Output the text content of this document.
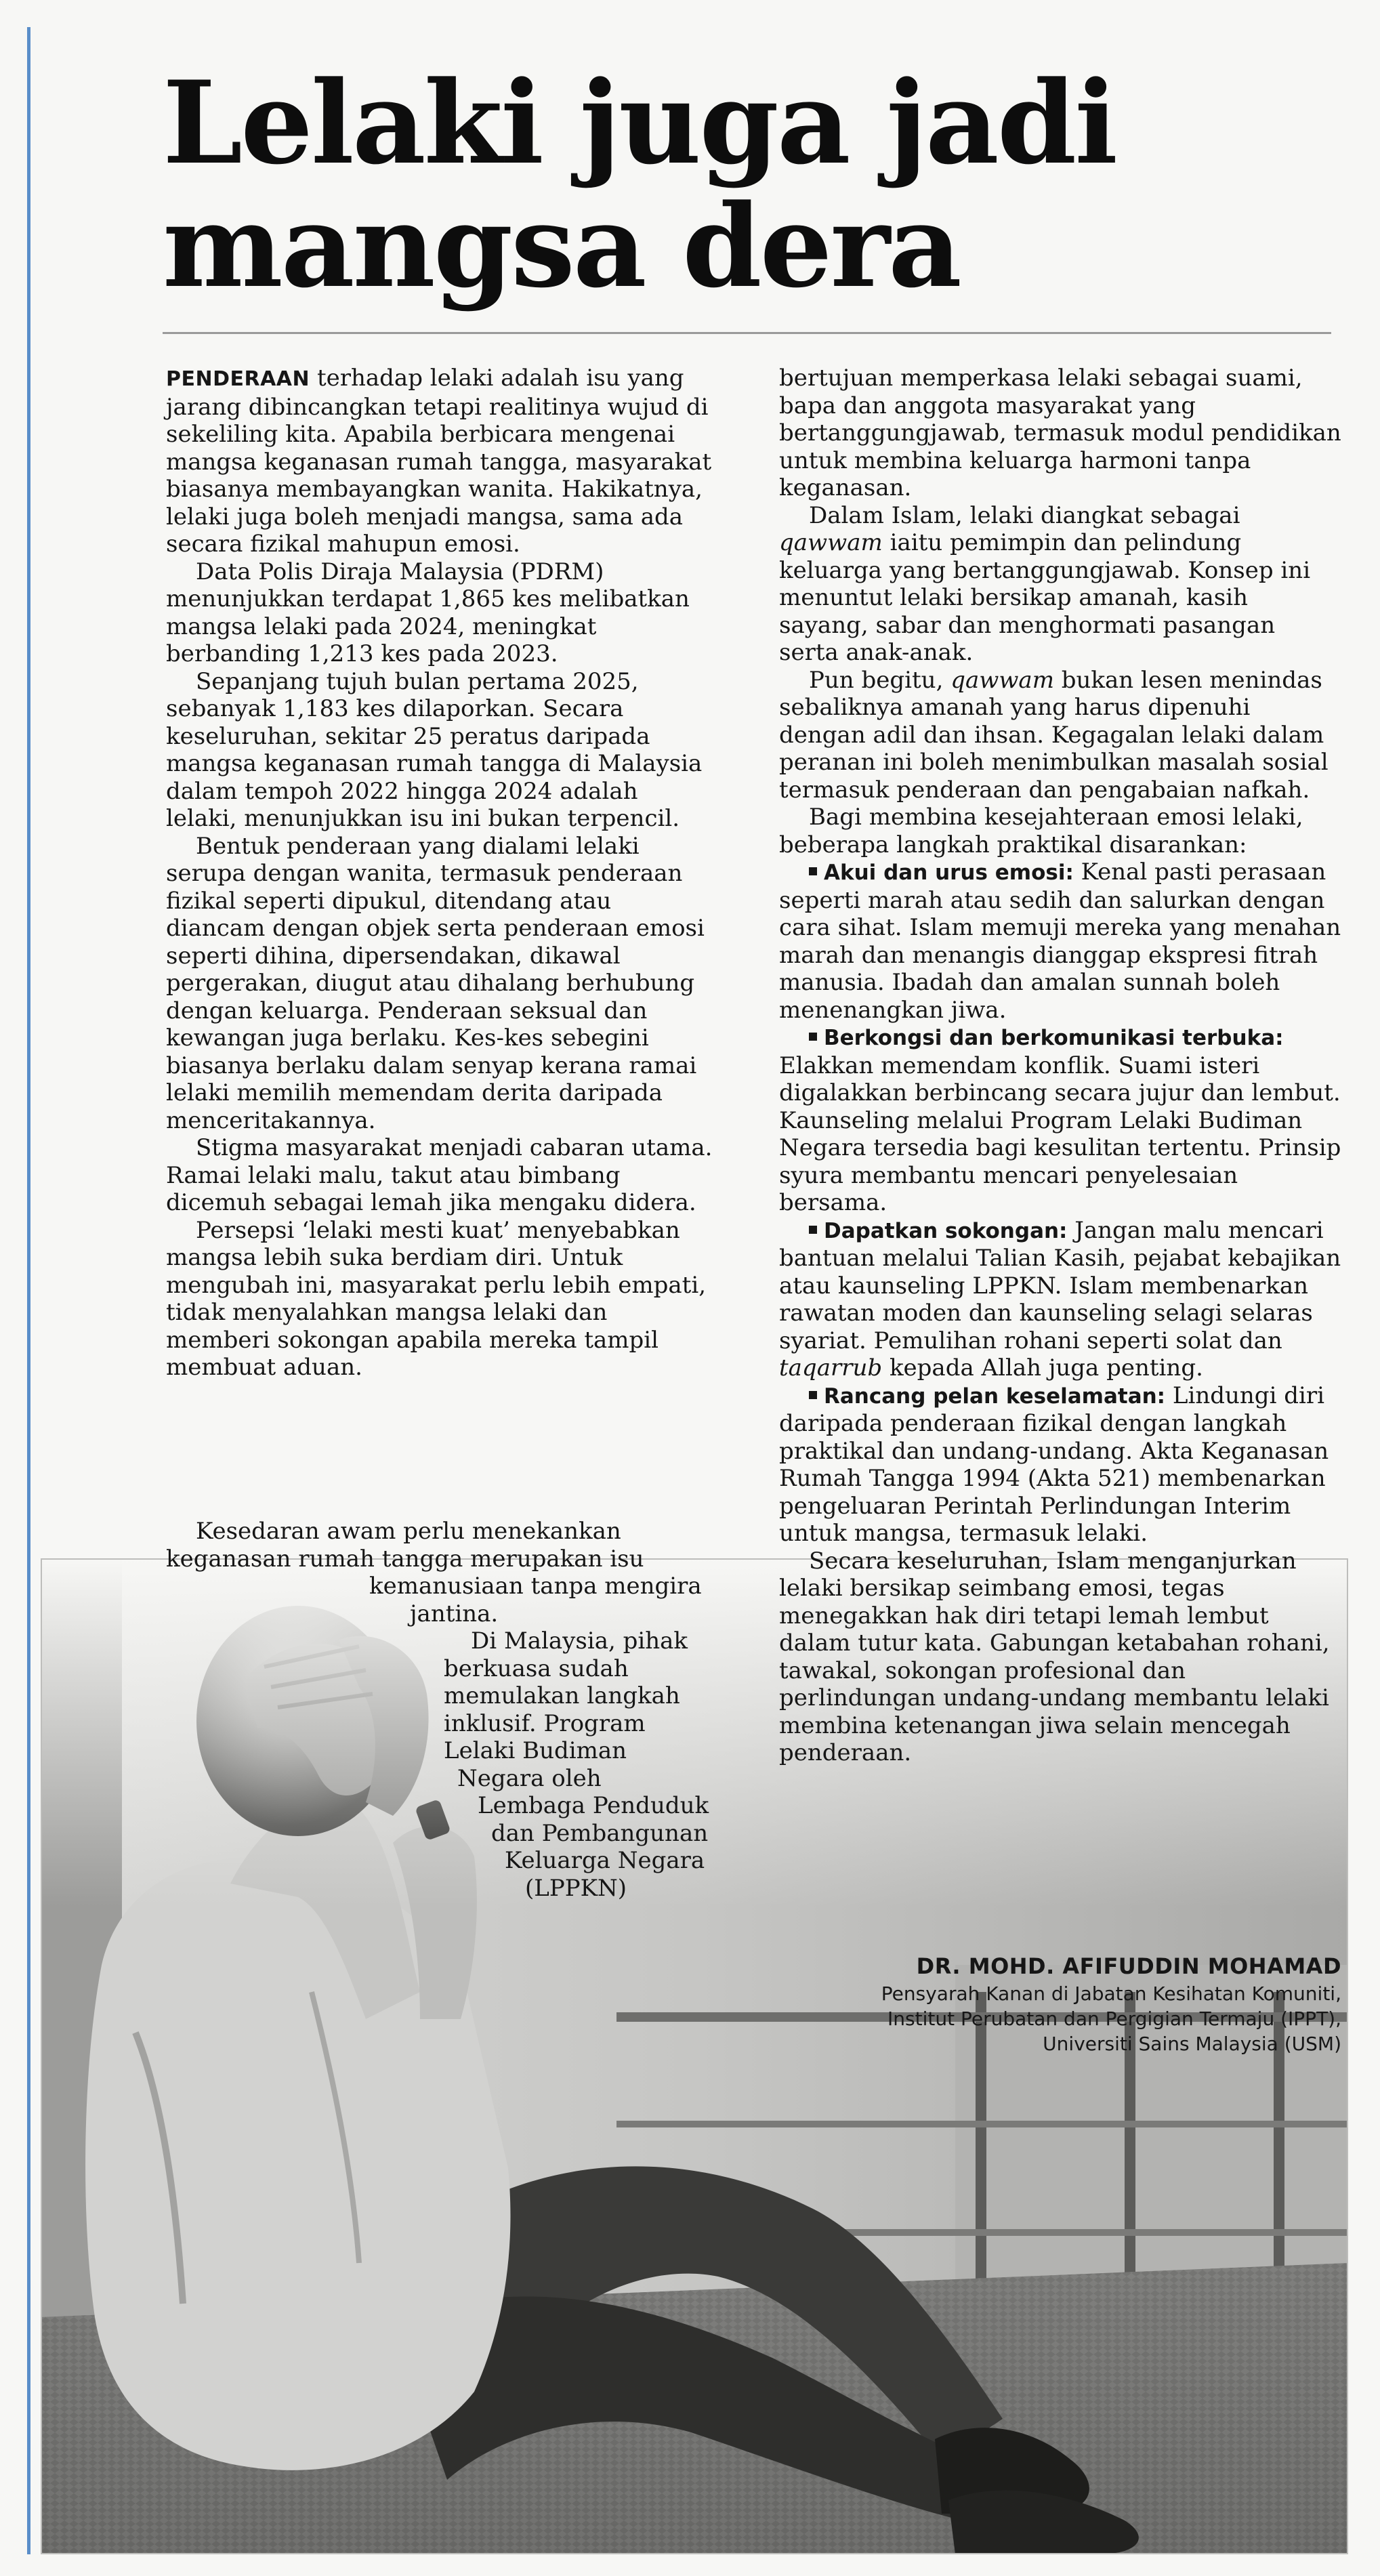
Lelaki juga jadi
mangsa dera

PENDERAAN terhadap lelaki adalah isu yang jarang dibincangkan tetapi realitinya wujud di sekeliling kita. Apabila berbicara mengenai mangsa keganasan rumah tangga, masyarakat biasanya membayangkan wanita. Hakikatnya, lelaki juga boleh menjadi mangsa, sama ada secara fizikal mahupun emosi.

Data Polis Diraja Malaysia (PDRM) menunjukkan terdapat 1,865 kes melibatkan mangsa lelaki pada 2024, meningkat berbanding 1,213 kes pada 2023.

Sepanjang tujuh bulan pertama 2025, sebanyak 1,183 kes dilaporkan. Secara keseluruhan, sekitar 25 peratus daripada mangsa keganasan rumah tangga di Malaysia dalam tempoh 2022 hingga 2024 adalah lelaki, menunjukkan isu ini bukan terpencil.

Bentuk penderaan yang dialami lelaki serupa dengan wanita, termasuk penderaan fizikal seperti dipukul, ditendang atau diancam dengan objek serta penderaan emosi seperti dihina, dipersendakan, dikawal pergerakan, diugut atau dihalang berhubung dengan keluarga. Penderaan seksual dan kewangan juga berlaku. Kes-kes sebegini biasanya berlaku dalam senyap kerana ramai lelaki memilih memendam derita daripada menceritakannya.

Stigma masyarakat menjadi cabaran utama. Ramai lelaki malu, takut atau bimbang dicemuh sebagai lemah jika mengaku didera.

Persepsi ‘lelaki mesti kuat’ menyebabkan mangsa lebih suka berdiam diri. Untuk mengubah ini, masyarakat perlu lebih empati, tidak menyalahkan mangsa lelaki dan memberi sokongan apabila mereka tampil membuat aduan.

Kesedaran awam perlu menekankan
keganasan rumah tangga merupakan isu
kemanusiaan tanpa mengira
jantina.
Di Malaysia, pihak
berkuasa sudah
memulakan langkah
inklusif. Program
Lelaki Budiman
Negara oleh
Lembaga Penduduk
dan Pembangunan
Keluarga Negara
(LPPKN)

bertujuan memperkasa lelaki sebagai suami, bapa dan anggota masyarakat yang bertanggungjawab, termasuk modul pendidikan untuk membina keluarga harmoni tanpa keganasan.

Dalam Islam, lelaki diangkat sebagai qawwam iaitu pemimpin dan pelindung keluarga yang bertanggungjawab. Konsep ini menuntut lelaki bersikap amanah, kasih sayang, sabar dan menghormati pasangan serta anak-anak.

Pun begitu, qawwam bukan lesen menindas sebaliknya amanah yang harus dipenuhi dengan adil dan ihsan. Kegagalan lelaki dalam peranan ini boleh menimbulkan masalah sosial termasuk penderaan dan pengabaian nafkah.

Bagi membina kesejahteraan emosi lelaki, beberapa langkah praktikal disarankan:

Akui dan urus emosi: Kenal pasti perasaan seperti marah atau sedih dan salurkan dengan cara sihat. Islam memuji mereka yang menahan marah dan menangis dianggap ekspresi fitrah manusia. Ibadah dan amalan sunnah boleh menenangkan jiwa.

Berkongsi dan berkomunikasi terbuka: Elakkan memendam konflik. Suami isteri digalakkan berbincang secara jujur dan lembut. Kaunseling melalui Program Lelaki Budiman Negara tersedia bagi kesulitan tertentu. Prinsip syura membantu mencari penyelesaian bersama.

Dapatkan sokongan: Jangan malu mencari bantuan melalui Talian Kasih, pejabat kebajikan atau kaunseling LPPKN. Islam membenarkan rawatan moden dan kaunseling selagi selaras syariat. Pemulihan rohani seperti solat dan taqarrub kepada Allah juga penting.

Rancang pelan keselamatan: Lindungi diri daripada penderaan fizikal dengan langkah praktikal dan undang-undang. Akta Keganasan Rumah Tangga 1994 (Akta 521) membenarkan pengeluaran Perintah Perlindungan Interim untuk mangsa, termasuk lelaki.

Secara keseluruhan, Islam menganjurkan lelaki bersikap seimbang emosi, tegas menegakkan hak diri tetapi lemah lembut dalam tutur kata. Gabungan ketabahan rohani, tawakal, sokongan profesional dan perlindungan undang-undang membantu lelaki membina ketenangan jiwa selain mencegah penderaan.

DR. MOHD. AFIFUDDIN MOHAMAD
Pensyarah Kanan di Jabatan Kesihatan Komuniti,
Institut Perubatan dan Pergigian Termaju (IPPT),
Universiti Sains Malaysia (USM)
